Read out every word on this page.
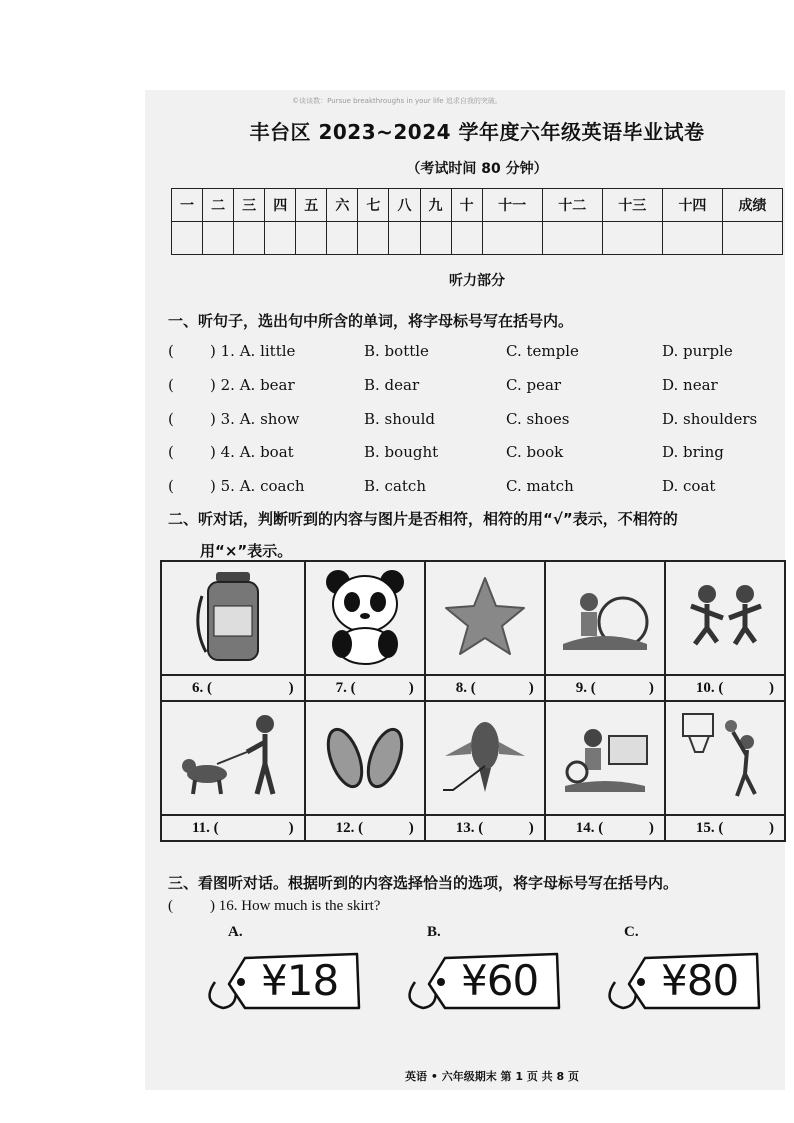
©谈谈数：Pursue breakthroughs in your life 追求自我的突破。
丰台区 2023~2024 学年度六年级英语毕业试卷
（考试时间 80 分钟）
一	二	三	四	五	六	七	八	九	十	十一	十二	十三	十四	成绩

听力部分
一、听句子，选出句中所含的单词，将字母标号写在括号内。
( ) 1. A. little	B. bottle	C. temple	D. purple
( ) 2. A. bear	B. dear	C. pear	D. near
( ) 3. A. show	B. should	C. shoes	D. shoulders
( ) 4. A. boat	B. bought	C. book	D. bring
( ) 5. A. coach	B. catch	C. match	D. coat
二、听对话，判断听到的内容与图片是否相符，相符的用“√”表示，不相符的
用“×”表示。

6. ( )	7. ( )	8. ( )	9. ( )	10. ( )

11. ( )	12. ( )	13. ( )	14. ( )	15. ( )
三、看图听对话。根据听到的内容选择恰当的选项，将字母标号写在括号内。
( ) 16. How much is the skirt?
A.	B.	C.
¥18	¥60	¥80
英语 • 六年级期末 第 1 页 共 8 页
